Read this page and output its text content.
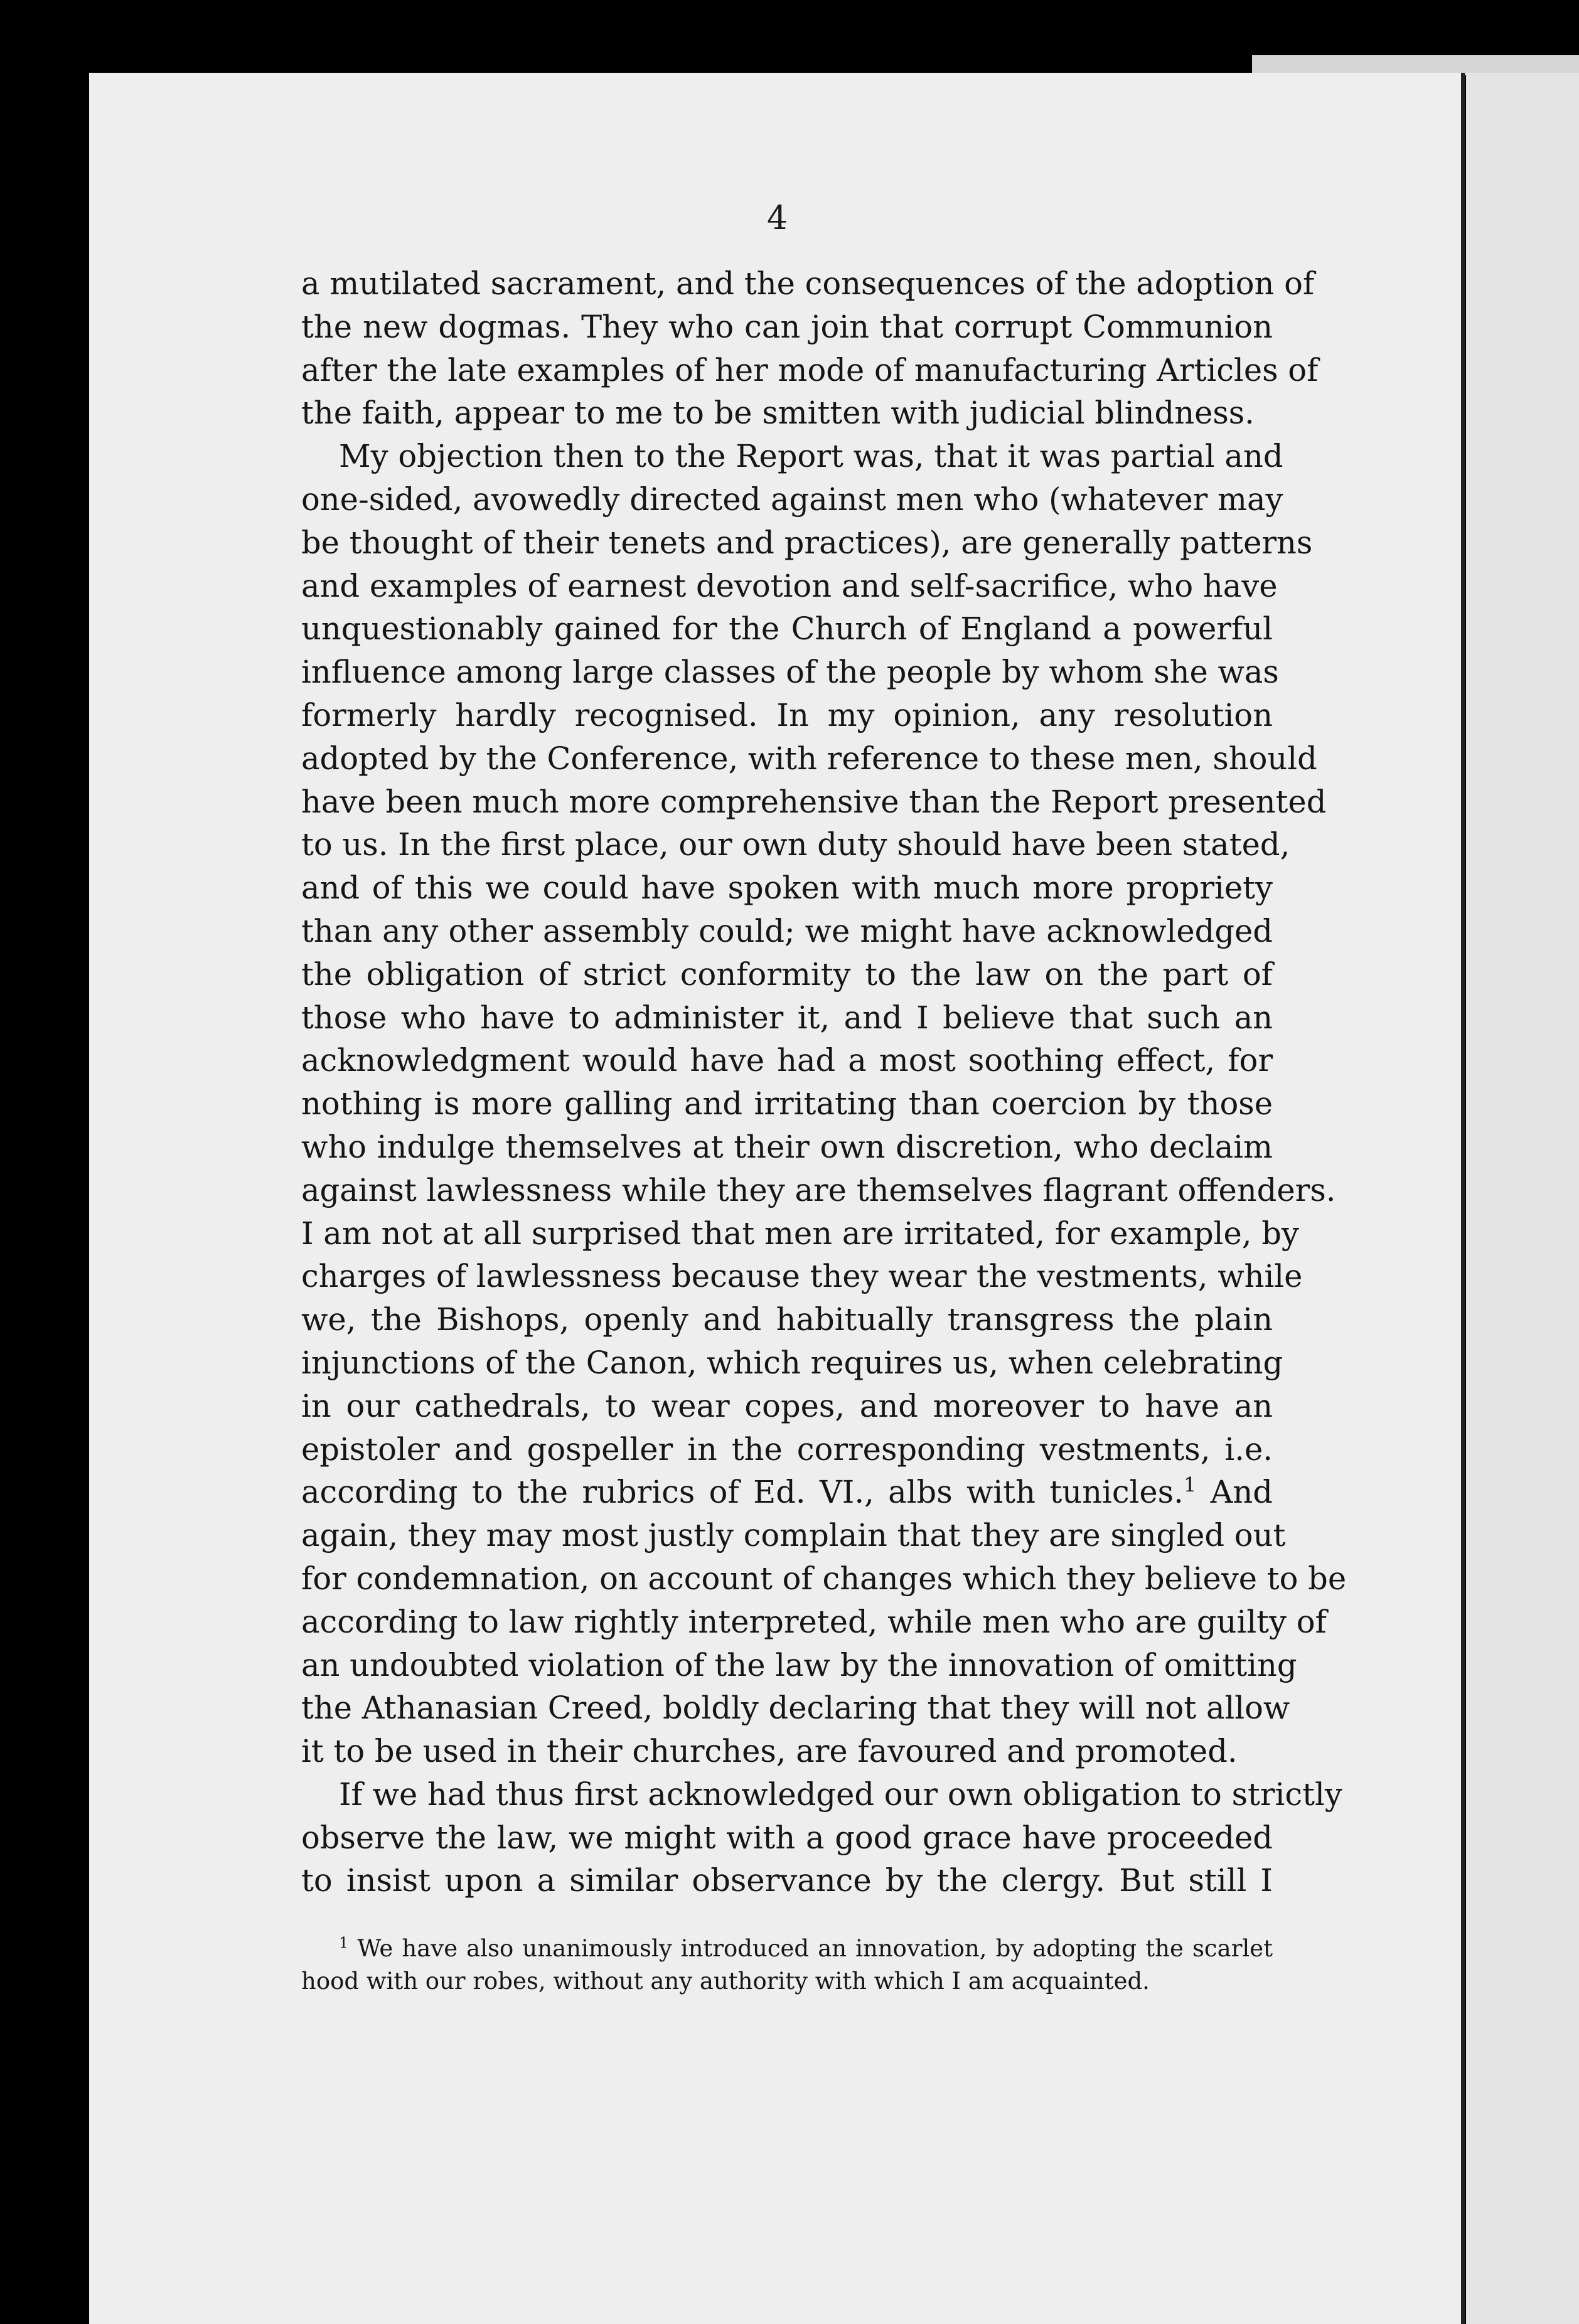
4
a mutilated sacrament, and the consequences of the adoption of
the new dogmas. They who can join that corrupt Communion
after the late examples of her mode of manufacturing Articles of
the faith, appear to me to be smitten with judicial blindness.
My objection then to the Report was, that it was partial and
one-sided, avowedly directed against men who (whatever may
be thought of their tenets and practices), are generally patterns
and examples of earnest devotion and self-sacrifice, who have
unquestionably gained for the Church of England a powerful
influence among large classes of the people by whom she was
formerly hardly recognised. In my opinion, any resolution
adopted by the Conference, with reference to these men, should
have been much more comprehensive than the Report presented
to us. In the first place, our own duty should have been stated,
and of this we could have spoken with much more propriety
than any other assembly could; we might have acknowledged
the obligation of strict conformity to the law on the part of
those who have to administer it, and I believe that such an
acknowledgment would have had a most soothing effect, for
nothing is more galling and irritating than coercion by those
who indulge themselves at their own discretion, who declaim
against lawlessness while they are themselves flagrant offenders.
I am not at all surprised that men are irritated, for example, by
charges of lawlessness because they wear the vestments, while
we, the Bishops, openly and habitually transgress the plain
injunctions of the Canon, which requires us, when celebrating
in our cathedrals, to wear copes, and moreover to have an
epistoler and gospeller in the corresponding vestments, i.e.
according to the rubrics of Ed. VI., albs with tunicles.$^1$ And
again, they may most justly complain that they are singled out
for condemnation, on account of changes which they believe to be
according to law rightly interpreted, while men who are guilty of
an undoubted violation of the law by the innovation of omitting
the Athanasian Creed, boldly declaring that they will not allow
it to be used in their churches, are favoured and promoted.
If we had thus first acknowledged our own obligation to strictly
observe the law, we might with a good grace have proceeded
to insist upon a similar observance by the clergy. But still I
$^1$ We have also unanimously introduced an innovation, by adopting the scarlet
hood with our robes, without any authority with which I am acquainted.
